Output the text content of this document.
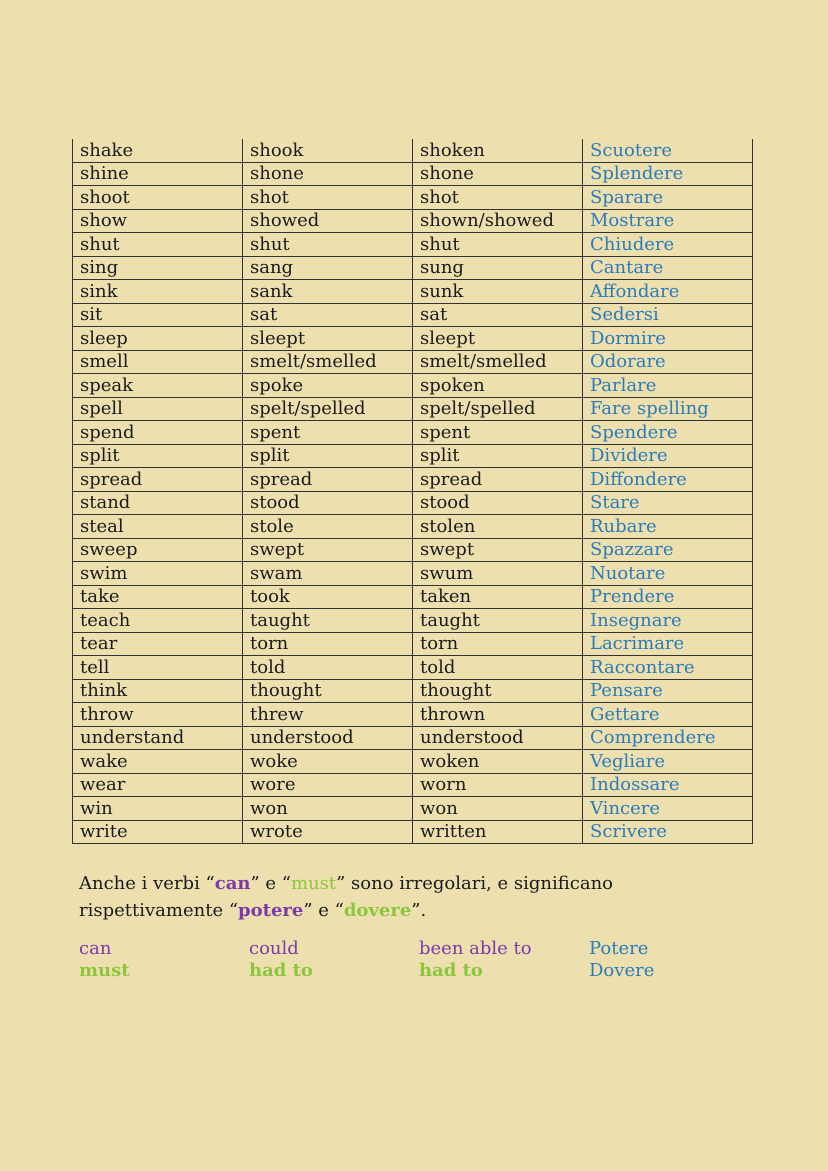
shake	shook	shoken	Scuotere
shine	shone	shone	Splendere
shoot	shot	shot	Sparare
show	showed	shown/showed	Mostrare
shut	shut	shut	Chiudere
sing	sang	sung	Cantare
sink	sank	sunk	Affondare
sit	sat	sat	Sedersi
sleep	sleept	sleept	Dormire
smell	smelt/smelled	smelt/smelled	Odorare
speak	spoke	spoken	Parlare
spell	spelt/spelled	spelt/spelled	Fare spelling
spend	spent	spent	Spendere
split	split	split	Dividere
spread	spread	spread	Diffondere
stand	stood	stood	Stare
steal	stole	stolen	Rubare
sweep	swept	swept	Spazzare
swim	swam	swum	Nuotare
take	took	taken	Prendere
teach	taught	taught	Insegnare
tear	torn	torn	Lacrimare
tell	told	told	Raccontare
think	thought	thought	Pensare
throw	threw	thrown	Gettare
understand	understood	understood	Comprendere
wake	woke	woken	Vegliare
wear	wore	worn	Indossare
win	won	won	Vincere
write	wrote	written	Scrivere
Anche i verbi “can” e “must” sono irregolari, e significano rispettivamente “potere” e “dovere”.
can	could	been able to	Potere
must	had to	had to	Dovere
